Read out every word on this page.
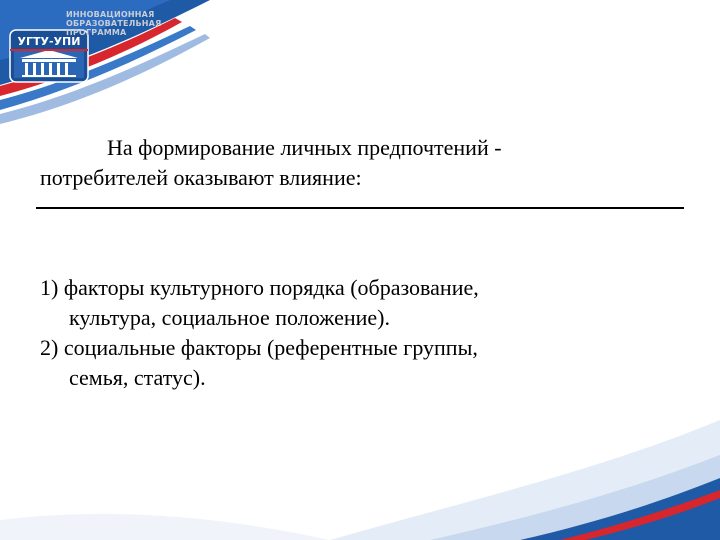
ИННОВАЦИОННАЯ
ОБРАЗОВАТЕЛЬНАЯ
ПРОГРАММА
УГТУ-УПИ
На формирование личных предпочтений -
потребителей оказывают влияние:
1) факторы культурного порядка (образование,
культура, социальное положение).
2) социальные факторы (референтные группы,
семья, статус).
